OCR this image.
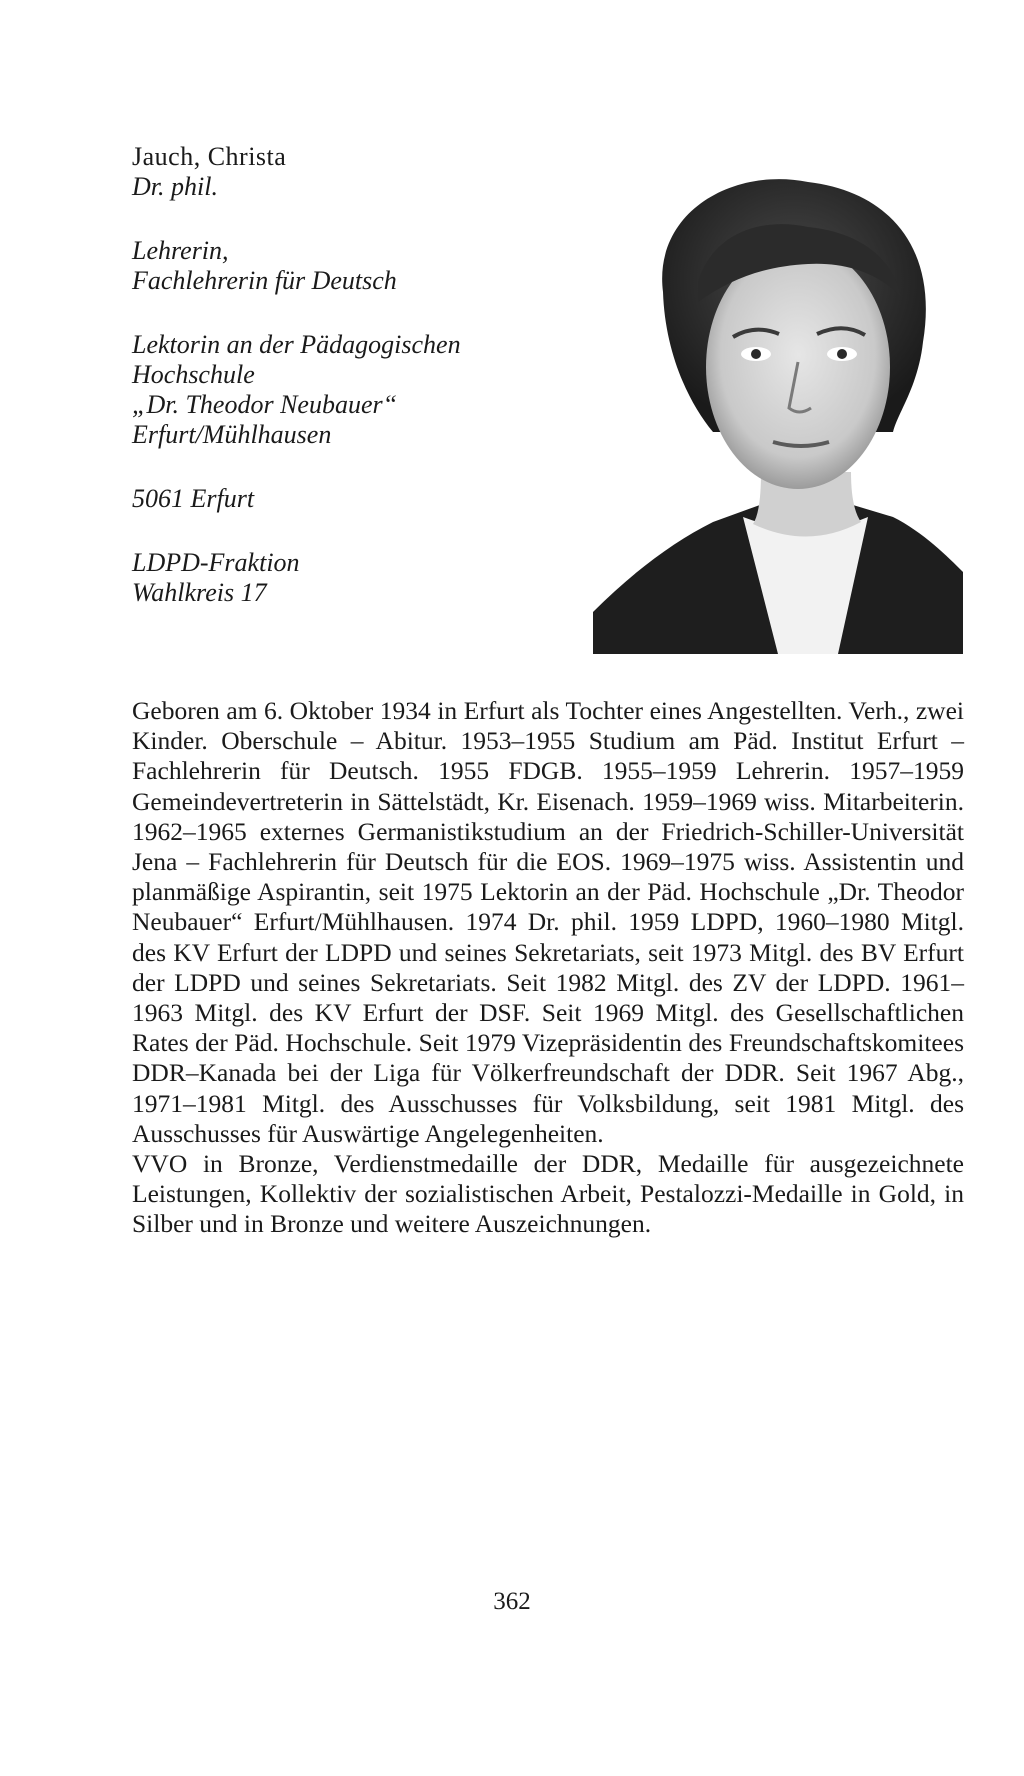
Jauch, Christa

Dr. phil.

Lehrerin,

Fachlehrerin für Deutsch

Lektorin an der Pädagogischen

Hochschule

„Dr. Theodor Neubauer“

Erfurt/Mühlhausen

5061 Erfurt

LDPD-Fraktion

Wahlkreis 17

Geboren am 6. Oktober 1934 in Erfurt als Tochter eines Angestellten. Verh., zwei Kinder. Oberschule – Abitur. 1953–1955 Studium am Päd. Institut Erfurt – Fachlehrerin für Deutsch. 1955 FDGB. 1955–1959 Lehrerin. 1957–1959 Gemeindevertreterin in Sättelstädt, Kr. Eisenach. 1959–1969 wiss. Mitarbeiterin. 1962–1965 externes Germanistikstudium an der Friedrich-Schiller-Universität Jena – Fachlehrerin für Deutsch für die EOS. 1969–1975 wiss. Assistentin und planmäßige Aspirantin, seit 1975 Lektorin an der Päd. Hochschule „Dr. Theodor Neubauer“ Erfurt/Mühlhausen. 1974 Dr. phil. 1959 LDPD, 1960–1980 Mitgl. des KV Erfurt der LDPD und seines Sekretariats, seit 1973 Mitgl. des BV Erfurt der LDPD und seines Sekretariats. Seit 1982 Mitgl. des ZV der LDPD. 1961–1963 Mitgl. des KV Erfurt der DSF. Seit 1969 Mitgl. des Gesellschaftlichen Rates der Päd. Hochschule. Seit 1979 Vizepräsidentin des Freundschaftskomitees DDR–Kanada bei der Liga für Völkerfreundschaft der DDR. Seit 1967 Abg., 1971–1981 Mitgl. des Ausschusses für Volksbildung, seit 1981 Mitgl. des Ausschusses für Auswärtige Angelegenheiten.

VVO in Bronze, Verdienstmedaille der DDR, Medaille für ausgezeichnete Leistungen, Kollektiv der sozialistischen Arbeit, Pestalozzi-Medaille in Gold, in Silber und in Bronze und weitere Auszeichnungen.

362
